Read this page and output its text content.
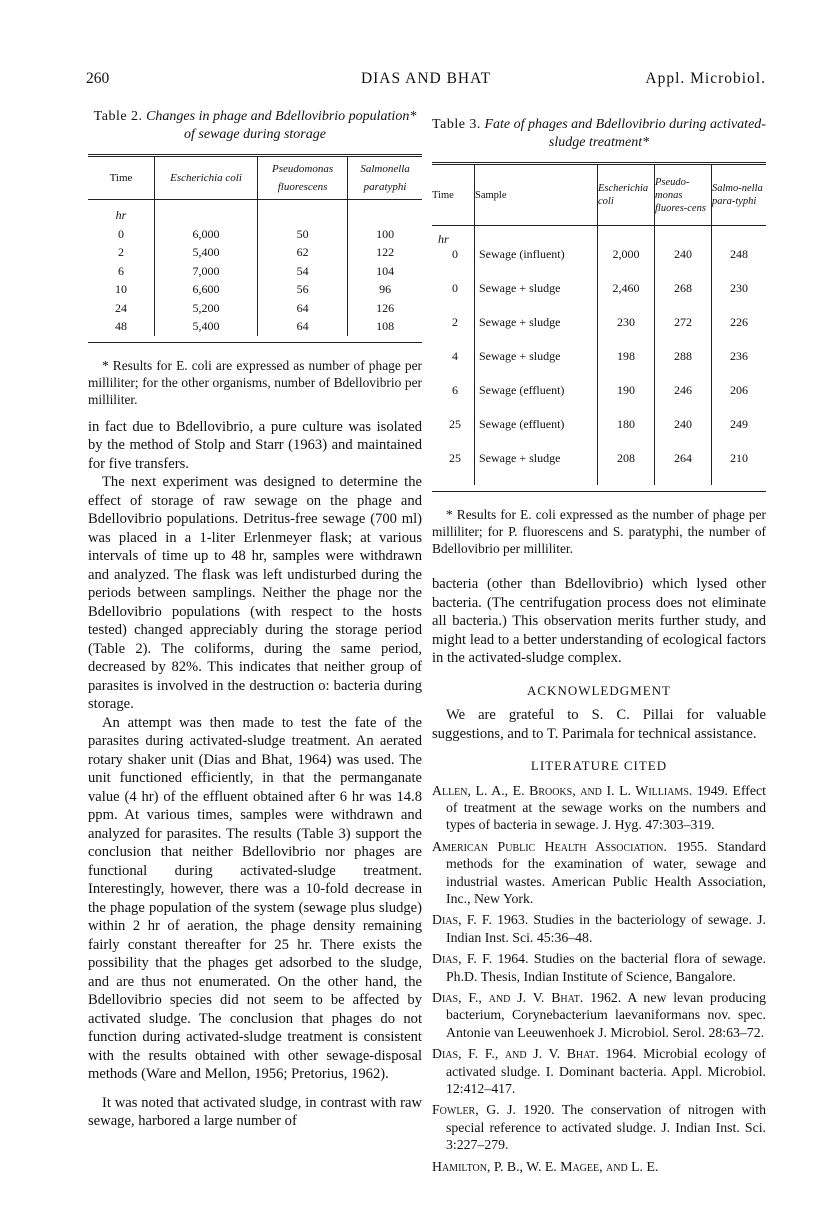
260	DIAS AND BHAT	Appl. Microbiol.
Table 2. Changes in phage and Bdellovibrio population* of sewage during storage
Time	Escherichia coli	Pseudomonas fluorescens	Salmonella paratyphi
hr			
0	6,000	50	100
2	5,400	62	122
6	7,000	54	104
10	6,600	56	96
24	5,200	64	126
48	5,400	64	108

* Results for E. coli are expressed as number of phage per milliliter; for the other organisms, number of Bdellovibrio per milliliter.

in fact due to Bdellovibrio, a pure culture was isolated by the method of Stolp and Starr (1963) and maintained for five transfers.

The next experiment was designed to determine the effect of storage of raw sewage on the phage and Bdellovibrio populations. Detritus-free sewage (700 ml) was placed in a 1-liter Erlenmeyer flask; at various intervals of time up to 48 hr, samples were withdrawn and analyzed. The flask was left undisturbed during the periods between samplings. Neither the phage nor the Bdellovibrio populations (with respect to the hosts tested) changed appreciably during the storage period (Table 2). The coliforms, during the same period, decreased by 82%. This indicates that neither group of parasites is involved in the destruction o: bacteria during storage.

An attempt was then made to test the fate of the parasites during activated-sludge treatment. An aerated rotary shaker unit (Dias and Bhat, 1964) was used. The unit functioned efficiently, in that the permanganate value (4 hr) of the effluent obtained after 6 hr was 14.8 ppm. At various times, samples were withdrawn and analyzed for parasites. The results (Table 3) support the conclusion that neither Bdellovibrio nor phages are functional during activated-sludge treatment. Interestingly, however, there was a 10-fold decrease in the phage population of the system (sewage plus sludge) within 2 hr of aeration, the phage density remaining fairly constant thereafter for 25 hr. There exists the possibility that the phages get adsorbed to the sludge, and are thus not enumerated. On the other hand, the Bdellovibrio species did not seem to be affected by activated sludge. The conclusion that phages do not function during activated-sludge treatment is consistent with the results obtained with other sewage-disposal methods (Ware and Mellon, 1956; Pretorius, 1962).

It was noted that activated sludge, in contrast with raw sewage, harbored a large number of

Table 3. Fate of phages and Bdellovibrio during activated-sludge treatment*
Time	Sample	Escherichia coli	Pseudo-monas fluores-cens	Salmo-nella para-typhi
hr				
0	Sewage (influent)	2,000	240	248
0	Sewage + sludge	2,460	268	230
2	Sewage + sludge	230	272	226
4	Sewage + sludge	198	288	236
6	Sewage (effluent)	190	246	206
25	Sewage (effluent)	180	240	249
25	Sewage + sludge	208	264	210

* Results for E. coli expressed as the number of phage per milliliter; for P. fluorescens and S. paratyphi, the number of Bdellovibrio per milliliter.

bacteria (other than Bdellovibrio) which lysed other bacteria. (The centrifugation process does not eliminate all bacteria.) This observation merits further study, and might lead to a better understanding of ecological factors in the activated-sludge complex.

ACKNOWLEDGMENT

We are grateful to S. C. Pillai for valuable suggestions, and to T. Parimala for technical assistance.

LITERATURE CITED

Allen, L. A., E. Brooks, and I. L. Williams. 1949. Effect of treatment at the sewage works on the numbers and types of bacteria in sewage. J. Hyg. 47:303–319.

American Public Health Association. 1955. Standard methods for the examination of water, sewage and industrial wastes. American Public Health Association, Inc., New York.

Dias, F. F. 1963. Studies in the bacteriology of sewage. J. Indian Inst. Sci. 45:36–48.

Dias, F. F. 1964. Studies on the bacterial flora of sewage. Ph.D. Thesis, Indian Institute of Science, Bangalore.

Dias, F., and J. V. Bhat. 1962. A new levan producing bacterium, Corynebacterium laevaniformans nov. spec. Antonie van Leeuwenhoek J. Microbiol. Serol. 28:63–72.

Dias, F. F., and J. V. Bhat. 1964. Microbial ecology of activated sludge. I. Dominant bacteria. Appl. Microbiol. 12:412–417.

Fowler, G. J. 1920. The conservation of nitrogen with special reference to activated sludge. J. Indian Inst. Sci. 3:227–279.

Hamilton, P. B., W. E. Magee, and L. E.
